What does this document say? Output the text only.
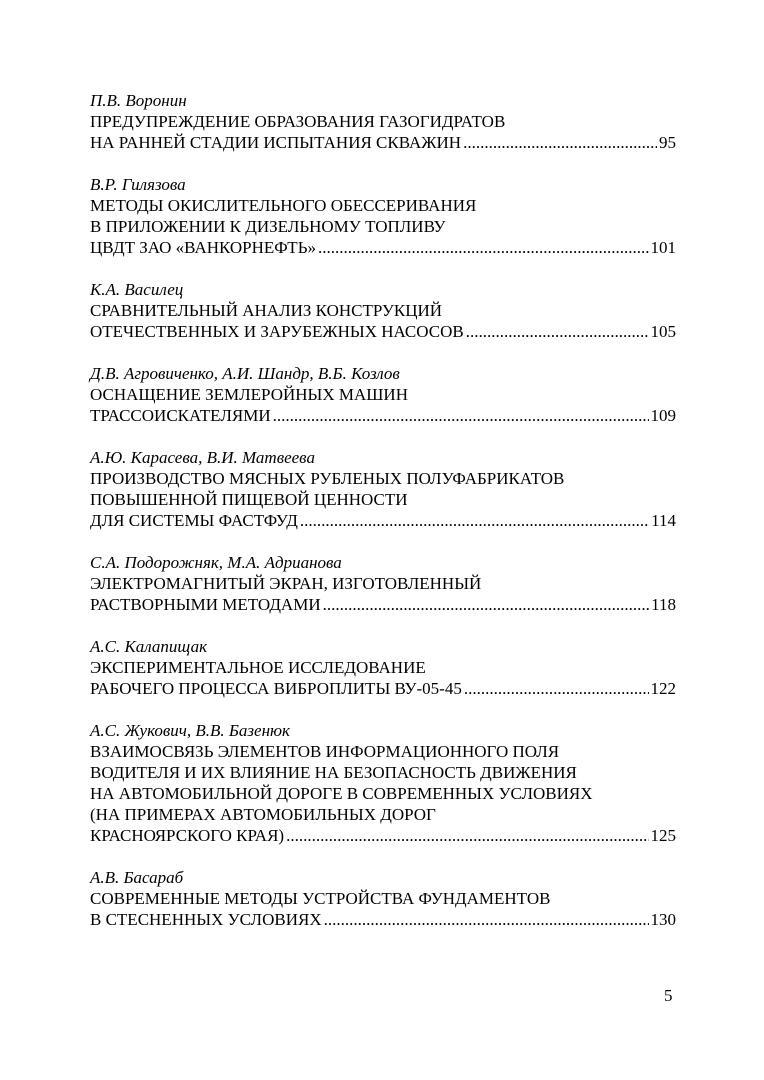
П.В. Воронин
ПРЕДУПРЕЖДЕНИЕ ОБРАЗОВАНИЯ ГАЗОГИДРАТОВ
НА РАННЕЙ СТАДИИ ИСПЫТАНИЯ СКВАЖИН .....	95
В.Р. Гилязова
МЕТОДЫ ОКИСЛИТЕЛЬНОГО ОБЕССЕРИВАНИЯ
В ПРИЛОЖЕНИИ К ДИЗЕЛЬНОМУ ТОПЛИВУ
ЦВДТ ЗАО «ВАНКОРНЕФТЬ» .....	101
К.А. Василец
СРАВНИТЕЛЬНЫЙ АНАЛИЗ КОНСТРУКЦИЙ
ОТЕЧЕСТВЕННЫХ И ЗАРУБЕЖНЫХ НАСОСОВ .....	105
Д.В. Агровиченко, А.И. Шандр, В.Б. Козлов
ОСНАЩЕНИЕ ЗЕМЛЕРОЙНЫХ МАШИН
ТРАССОИСКАТЕЛЯМИ .....	109
А.Ю. Карасева, В.И. Матвеева
ПРОИЗВОДСТВО МЯСНЫХ РУБЛЕНЫХ ПОЛУФАБРИКАТОВ
ПОВЫШЕННОЙ ПИЩЕВОЙ ЦЕННОСТИ
ДЛЯ СИСТЕМЫ ФАСТФУД .....	114
С.А. Подорожняк, М.А. Адрианова
ЭЛЕКТРОМАГНИТЫЙ ЭКРАН, ИЗГОТОВЛЕННЫЙ
РАСТВОРНЫМИ МЕТОДАМИ .....	118
А.С. Калапищак
ЭКСПЕРИМЕНТАЛЬНОЕ ИССЛЕДОВАНИЕ
РАБОЧЕГО ПРОЦЕССА ВИБРОПЛИТЫ ВУ-05-45 .....	122
А.С. Жукович, В.В. Базенюк
ВЗАИМОСВЯЗЬ ЭЛЕМЕНТОВ ИНФОРМАЦИОННОГО ПОЛЯ
ВОДИТЕЛЯ И ИХ ВЛИЯНИЕ НА БЕЗОПАСНОСТЬ ДВИЖЕНИЯ
НА АВТОМОБИЛЬНОЙ ДОРОГЕ В СОВРЕМЕННЫХ УСЛОВИЯХ
(НА ПРИМЕРАХ АВТОМОБИЛЬНЫХ ДОРОГ
КРАСНОЯРСКОГО КРАЯ) .....	125
А.В. Басараб
СОВРЕМЕННЫЕ МЕТОДЫ УСТРОЙСТВА ФУНДАМЕНТОВ
В СТЕСНЕННЫХ УСЛОВИЯХ .....	130
5
